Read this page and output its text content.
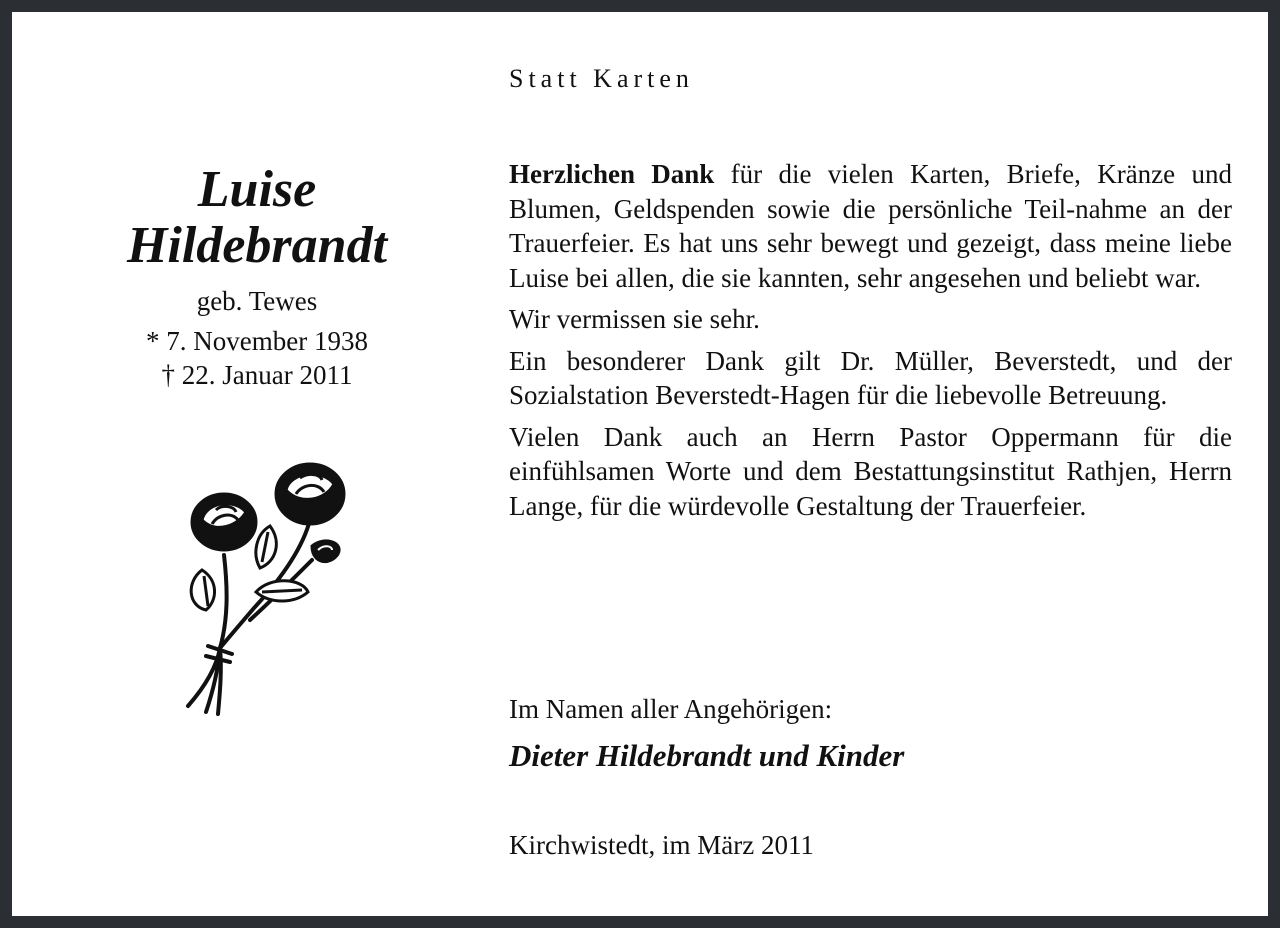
Statt Karten

Luise

Hildebrandt

geb. Tewes

* 7. November 1938

† 22. Januar 2011

Herzlichen Dank für die vielen Karten, Briefe, Kränze und Blumen, Geldspenden sowie die persönliche Teil-nahme an der Trauerfeier. Es hat uns sehr bewegt und gezeigt, dass meine liebe Luise bei allen, die sie kannten, sehr angesehen und beliebt war.

Wir vermissen sie sehr.

Ein besonderer Dank gilt Dr. Müller, Beverstedt, und der Sozialstation Beverstedt-Hagen für die liebevolle Betreuung.

Vielen Dank auch an Herrn Pastor Oppermann für die einfühlsamen Worte und dem Bestattungsinstitut Rathjen, Herrn Lange, für die würdevolle Gestaltung der Trauerfeier.

Im Namen aller Angehörigen:

Dieter Hildebrandt und Kinder

Kirchwistedt, im März 2011
